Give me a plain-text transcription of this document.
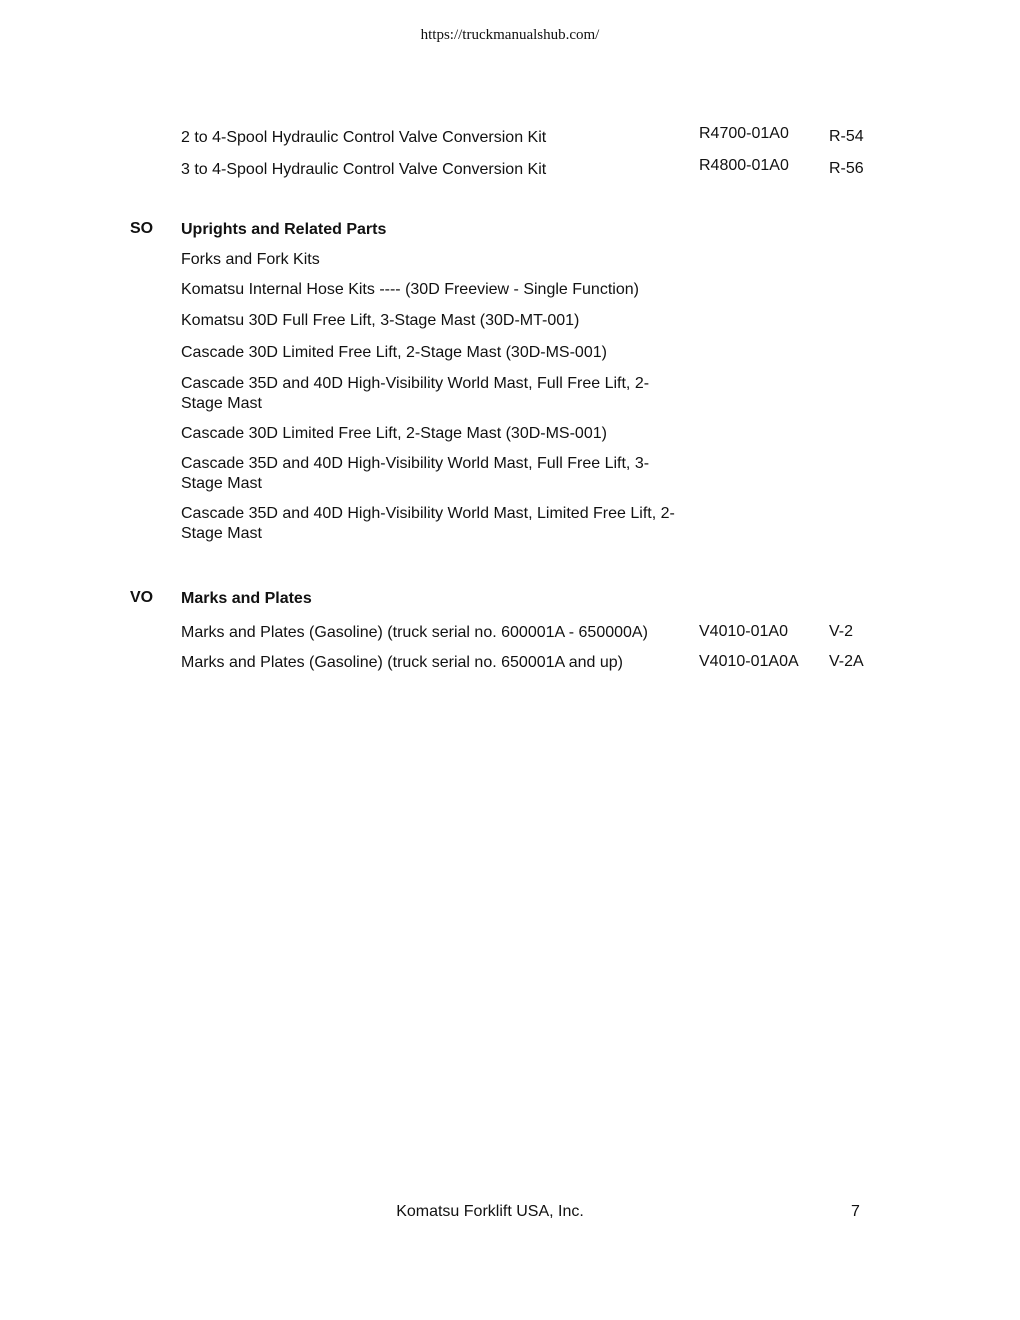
https://truckmanualshub.com/
2 to 4-Spool Hydraulic Control Valve Conversion Kit	R4700-01A0	R-54
3 to 4-Spool Hydraulic Control Valve Conversion Kit	R4800-01A0	R-56
SO Uprights and Related Parts
Forks and Fork Kits
Komatsu Internal Hose Kits ---- (30D Freeview - Single Function)
Komatsu 30D Full Free Lift, 3-Stage Mast (30D-MT-001)
Cascade 30D Limited Free Lift, 2-Stage Mast (30D-MS-001)
Cascade 35D and 40D High-Visibility World Mast, Full Free Lift, 2-Stage Mast
Cascade 30D Limited Free Lift, 2-Stage Mast (30D-MS-001)
Cascade 35D and 40D High-Visibility World Mast, Full Free Lift, 3-Stage Mast
Cascade 35D and 40D High-Visibility World Mast, Limited Free Lift, 2-Stage Mast
VO Marks and Plates
Marks and Plates (Gasoline) (truck serial no. 600001A - 650000A)	V4010-01A0	V-2
Marks and Plates (Gasoline) (truck serial no. 650001A and up)	V4010-01A0A V-2A
Komatsu Forklift USA, Inc.	7
